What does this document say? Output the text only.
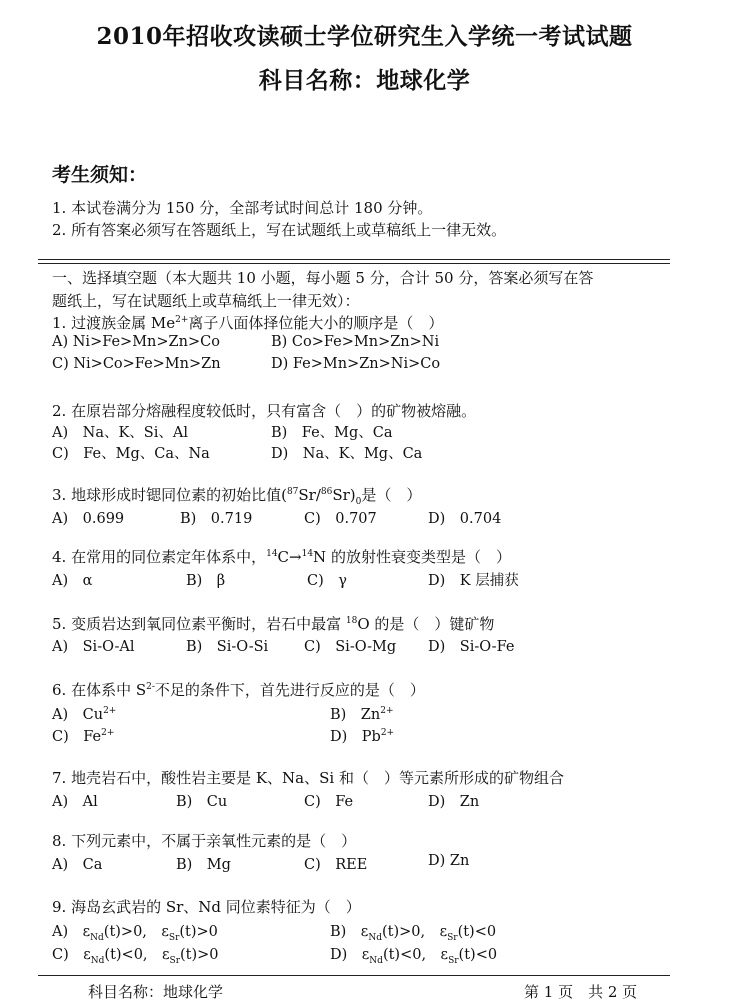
2010年招收攻读硕士学位研究生入学统一考试试题
科目名称：地球化学
考生须知：
1. 本试卷满分为 150 分，全部考试时间总计 180 分钟。
2. 所有答案必须写在答题纸上，写在试题纸上或草稿纸上一律无效。
一、选择填空题（本大题共 10 小题，每小题 5 分，合计 50 分，答案必须写在答
题纸上，写在试题纸上或草稿纸上一律无效）：
1. 过渡族金属 $Me^{2+}$离子八面体择位能大小的顺序是（　）
A) Ni>Fe>Mn>Zn>Co	B) Co>Fe>Mn>Zn>Ni
C) Ni>Co>Fe>Mn>Zn	D) Fe>Mn>Zn>Ni>Co
2. 在原岩部分熔融程度较低时，只有富含（　）的矿物被熔融。
A)　Na、K、Si、Al	B)　Fe、Mg、Ca
C)　Fe、Mg、Ca、Na	D)　Na、K、Mg、Ca
3. 地球形成时锶同位素的初始比值$(^{87}Sr/^{86}Sr)_0$是（　）
A)　0.699	B)　0.719	C)　0.707	D)　0.704
4. 在常用的同位素定年体系中，$^{14}$C→$^{14}$N 的放射性衰变类型是（　）
A)　α	B)　β	C)　γ	D)　K 层捕获
5. 变质岩达到氧同位素平衡时，岩石中最富 $^{18}$O 的是（　）键矿物
A)　Si-O-Al	B)　Si-O-Si C)　Si-O-Mg D)　Si-O-Fe
6. 在体系中 $S^{2-}$不足的条件下，首先进行反应的是（　）
A)　$Cu^{2+}$	B)　$Zn^{2+}$
C)　$Fe^{2+}$	D)　$Pb^{2+}$
7. 地壳岩石中，酸性岩主要是 K、Na、Si 和（　）等元素所形成的矿物组合
A)　Al	B)　Cu	C)　Fe	D)　Zn
8. 下列元素中，不属于亲氧性元素的是（　）
A)　Ca	B)　Mg	C)　REE	D) Zn
9. 海岛玄武岩的 Sr、Nd 同位素特征为（　）
A)　$\varepsilon_{Nd}(t)>0$,　$\varepsilon_{Sr}(t)>0$	B)　$\varepsilon_{Nd}(t)>0$,　$\varepsilon_{Sr}(t)<0$
C)　$\varepsilon_{Nd}(t)<0$,　$\varepsilon_{Sr}(t)>0$	D)　$\varepsilon_{Nd}(t)<0$,　$\varepsilon_{Sr}(t)<0$
科目名称：地球化学	第 1 页　共 2 页
